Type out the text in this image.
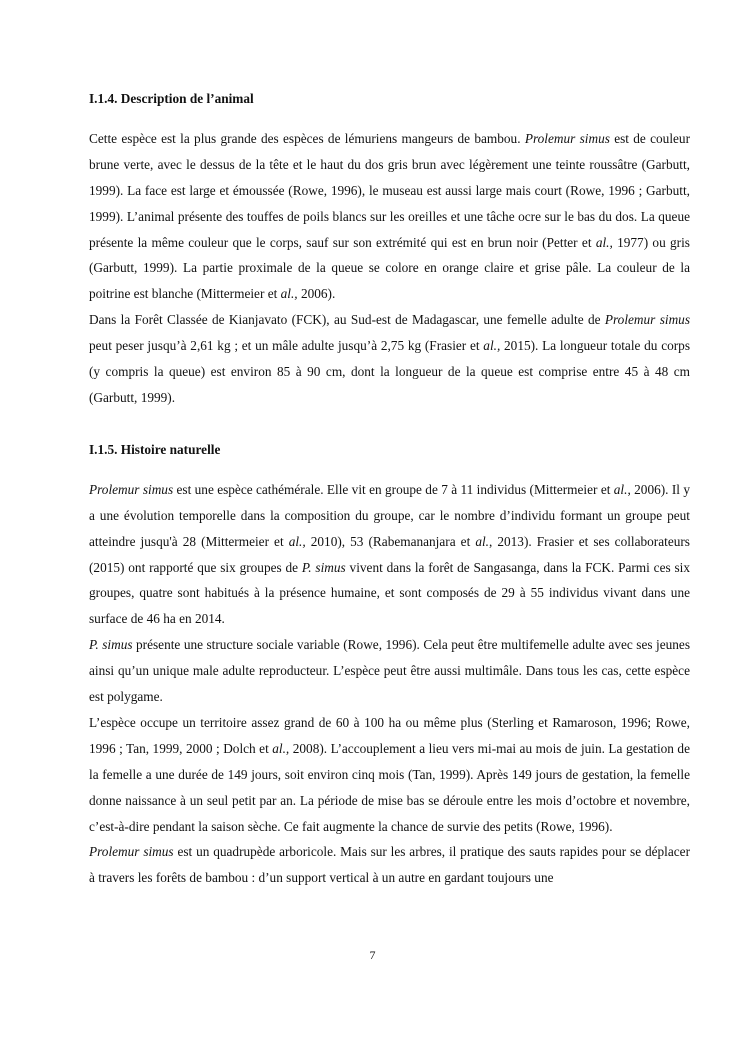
I.1.4. Description de l’animal

Cette espèce est la plus grande des espèces de lémuriens mangeurs de bambou. Prolemur simus est de couleur brune verte, avec le dessus de la tête et le haut du dos gris brun avec légèrement une teinte roussâtre (Garbutt, 1999). La face est large et émoussée (Rowe, 1996), le museau est aussi large mais court (Rowe, 1996 ; Garbutt, 1999). L’animal présente des touffes de poils blancs sur les oreilles et une tâche ocre sur le bas du dos. La queue présente la même couleur que le corps, sauf sur son extrémité qui est en brun noir (Petter et al., 1977) ou gris (Garbutt, 1999). La partie proximale de la queue se colore en orange claire et grise pâle. La couleur de la poitrine est blanche (Mittermeier et al., 2006).

Dans la Forêt Classée de Kianjavato (FCK), au Sud-est de Madagascar, une femelle adulte de Prolemur simus peut peser jusqu’à 2,61 kg ; et un mâle adulte jusqu’à 2,75 kg (Frasier et al., 2015). La longueur totale du corps (y compris la queue) est environ 85 à 90 cm, dont la longueur de la queue est comprise entre 45 à 48 cm (Garbutt, 1999).

I.1.5. Histoire naturelle

Prolemur simus est une espèce cathémérale. Elle vit en groupe de 7 à 11 individus (Mittermeier et al., 2006). Il y a une évolution temporelle dans la composition du groupe, car le nombre d’individu formant un groupe peut atteindre jusqu'à 28 (Mittermeier et al., 2010), 53 (Rabemananjara et al., 2013). Frasier et ses collaborateurs (2015) ont rapporté que six groupes de P. simus vivent dans la forêt de Sangasanga, dans la FCK. Parmi ces six groupes, quatre sont habitués à la présence humaine, et sont composés de 29 à 55 individus vivant dans une surface de 46 ha en 2014.

P. simus présente une structure sociale variable (Rowe, 1996). Cela peut être multifemelle adulte avec ses jeunes ainsi qu’un unique male adulte reproducteur. L’espèce peut être aussi multimâle. Dans tous les cas, cette espèce est polygame.

L’espèce occupe un territoire assez grand de 60 à 100 ha ou même plus (Sterling et Ramaroson, 1996; Rowe, 1996 ; Tan, 1999, 2000 ; Dolch et al., 2008). L’accouplement a lieu vers mi-mai au mois de juin. La gestation de la femelle a une durée de 149 jours, soit environ cinq mois (Tan, 1999). Après 149 jours de gestation, la femelle donne naissance à un seul petit par an. La période de mise bas se déroule entre les mois d’octobre et novembre, c’est-à-dire pendant la saison sèche. Ce fait augmente la chance de survie des petits (Rowe, 1996).

Prolemur simus est un quadrupède arboricole. Mais sur les arbres, il pratique des sauts rapides pour se déplacer à travers les forêts de bambou : d’un support vertical à un autre en gardant toujours une

7
